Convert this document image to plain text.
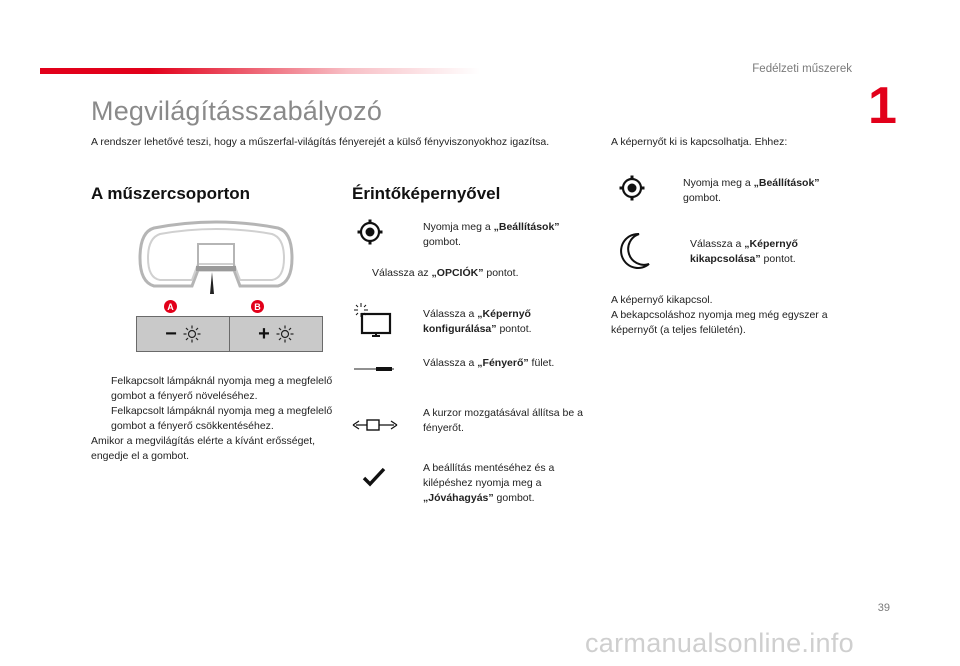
Fedélzeti műszerek
1
Megvilágításszabályozó
A rendszer lehetővé teszi, hogy a műszerfal-világítás fényerejét a külső fényviszonyokhoz igazítsa.
A műszercsoporton
A	B
−	+
Felkapcsolt lámpáknál nyomja meg a megfelelő gombot a fényerő növeléséhez.
Felkapcsolt lámpáknál nyomja meg a megfelelő gombot a fényerő csökkentéséhez.
Amikor a megvilágítás elérte a kívánt erősséget, engedje el a gombot.
Érintőképernyővel
Nyomja meg a „Beállítások” gombot.
Válassza az „OPCIÓK” pontot.
Válassza a „Képernyő konfigurálása” pontot.
Válassza a „Fényerő” fület.
A kurzor mozgatásával állítsa be a fényerőt.
A beállítás mentéséhez és a kilépéshez nyomja meg a „Jóváhagyás” gombot.
A képernyőt ki is kapcsolhatja. Ehhez:
Nyomja meg a „Beállítások” gombot.
Válassza a „Képernyő kikapcsolása” pontot.
A képernyő kikapcsol.
A bekapcsoláshoz nyomja meg még egyszer a képernyőt (a teljes felületén).
39
carmanualsonline.info
